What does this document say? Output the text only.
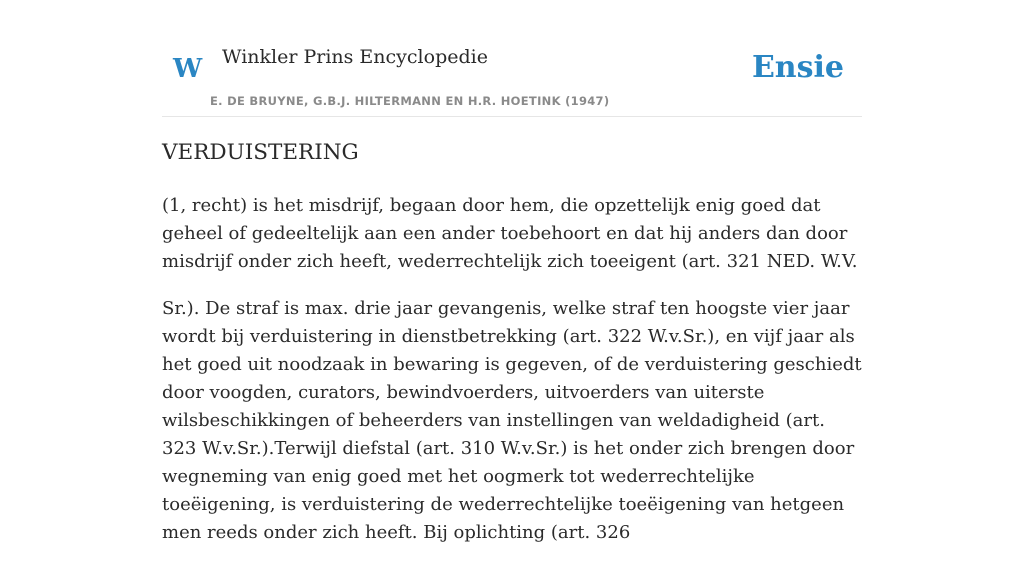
W Winkler Prins Encyclopedie
E. DE BRUYNE, G.B.J. HILTERMANN EN H.R. HOETINK (1947)
Ensie
VERDUISTERING

(1, recht) is het misdrijf, begaan door hem, die opzettelijk enig goed dat geheel of gedeeltelijk aan een ander toebehoort en dat hij anders dan door misdrijf onder zich heeft, wederrechtelijk zich toeeigent (art. 321 NED. W.V.

Sr.). De straf is max. drie jaar gevangenis, welke straf ten hoogste vier jaar wordt bij verduistering in dienstbetrekking (art. 322 W.v.Sr.), en vijf jaar als het goed uit noodzaak in bewaring is gegeven, of de verduistering geschiedt door voogden, curators, bewindvoerders, uitvoerders van uiterste wilsbeschikkingen of beheerders van instellingen van weldadigheid (art. 323 W.v.Sr.).Terwijl diefstal (art. 310 W.v.Sr.) is het onder zich brengen door wegneming van enig goed met het oogmerk tot wederrechtelijke toeëigening, is verduistering de wederrechtelijke toeëigening van hetgeen men reeds onder zich heeft. Bij oplichting (art. 326
